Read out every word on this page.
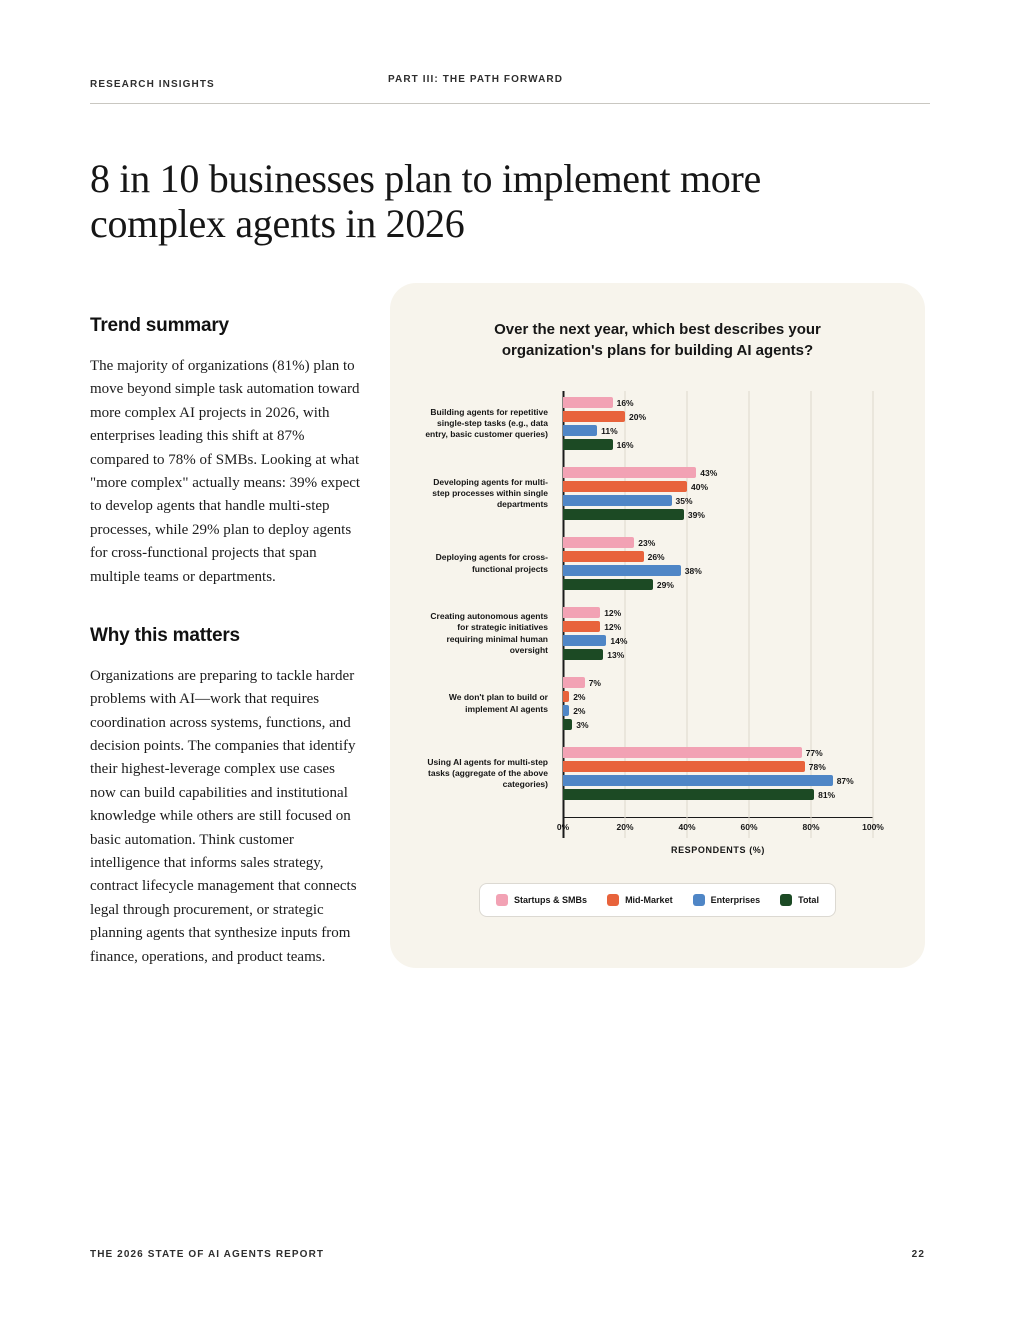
RESEARCH INSIGHTS	PART III: THE PATH FORWARD
8 in 10 businesses plan to implement more complex agents in 2026
Trend summary

The majority of organizations (81%) plan to move beyond simple task automation toward more complex AI projects in 2026, with enterprises leading this shift at 87% compared to 78% of SMBs. Looking at what "more complex" actually means: 39% expect to develop agents that handle multi-step processes, while 29% plan to deploy agents for cross-functional projects that span multiple teams or departments.

Why this matters

Organizations are preparing to tackle harder problems with AI—work that requires coordination across systems, functions, and decision points. The companies that identify their highest-leverage complex use cases now can build capabilities and institutional knowledge while others are still focused on basic automation. Think customer intelligence that informs sales strategy, contract lifecycle management that connects legal through procurement, or strategic planning agents that synthesize inputs from finance, operations, and product teams.

Over the next year, which best describes your organization's plans for building AI agents?
Building agents for repetitive single-step tasks (e.g., data entry, basic customer queries)
16%
20%
11%
16%
Developing agents for multi-step processes within single departments
43%
40%
35%
39%
Deploying agents for cross-functional projects
23%
26%
38%
29%
Creating autonomous agents for strategic initiatives requiring minimal human oversight
12%
12%
14%
13%
We don't plan to build or implement AI agents
7%
2%
2%
3%
Using AI agents for multi-step tasks (aggregate of the above categories)
77%
78%
87%
81%
0%	20%	40%	60%	80%	100%
RESPONDENTS (%)
Startups & SMBs	Mid-Market	Enterprises	Total
THE 2026 STATE OF AI AGENTS REPORT	22
